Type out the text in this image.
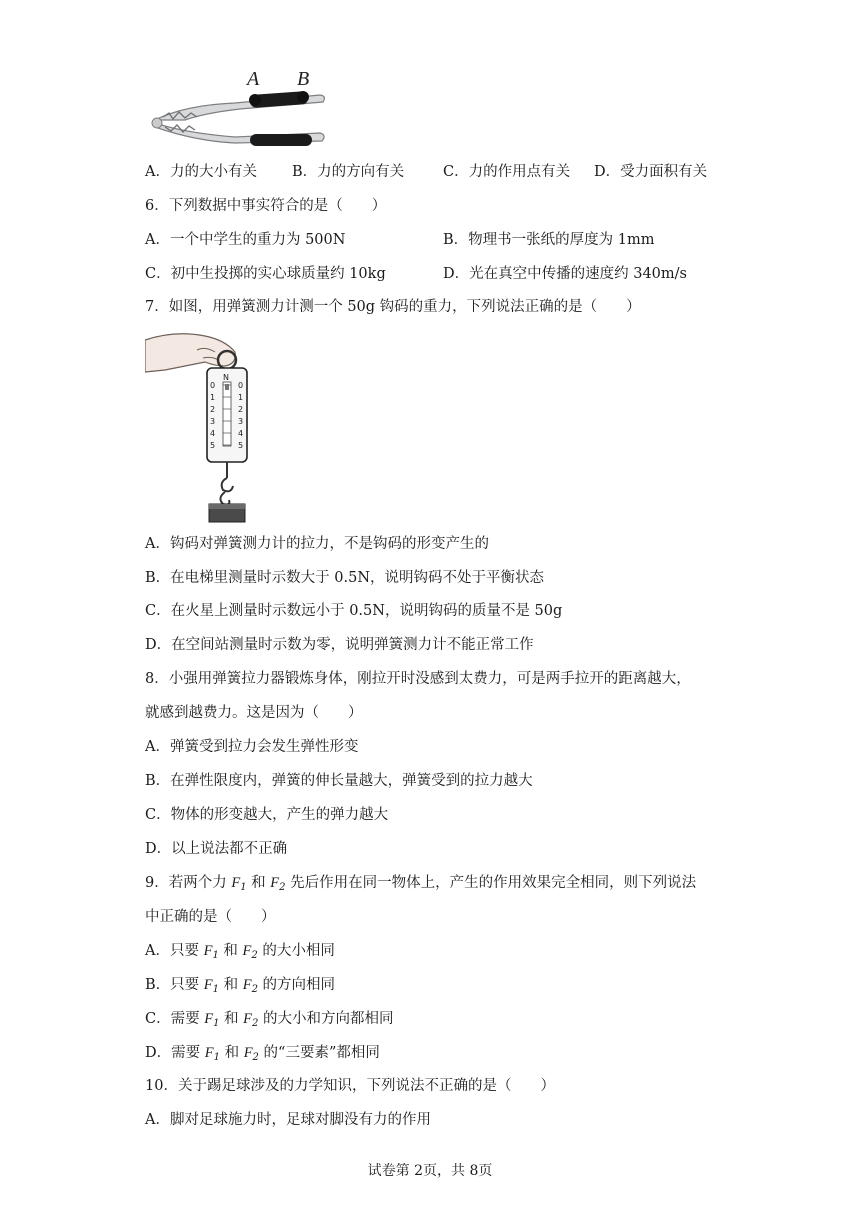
A B
A．力的大小有关 B．力的方向有关	C．力的作用点有关 D．受力面积有关
6．下列数据中事实符合的是（　　）
A．一个中学生的重力为 500N	B．物理书一张纸的厚度为 1mm
C．初中生投掷的实心球质量约 10kg	D．光在真空中传播的速度约 340m/s
7．如图，用弹簧测力计测一个 50g 钩码的重力，下列说法正确的是（　　）
N
0
1
2
3
4
5
0
1
2
3
4
5
A．钩码对弹簧测力计的拉力，不是钩码的形变产生的
B．在电梯里测量时示数大于 0.5N，说明钩码不处于平衡状态
C．在火星上测量时示数远小于 0.5N，说明钩码的质量不是 50g
D．在空间站测量时示数为零，说明弹簧测力计不能正常工作
8．小强用弹簧拉力器锻炼身体，刚拉开时没感到太费力，可是两手拉开的距离越大，
就感到越费力。这是因为（　　）
A．弹簧受到拉力会发生弹性形变
B．在弹性限度内，弹簧的伸长量越大，弹簧受到的拉力越大
C．物体的形变越大，产生的弹力越大
D．以上说法都不正确
9．若两个力 $F_1$ 和 $F_2$ 先后作用在同一物体上，产生的作用效果完全相同，则下列说法
中正确的是（　　）
A．只要 $F_1$ 和 $F_2$ 的大小相同
B．只要 $F_1$ 和 $F_2$ 的方向相同
C．需要 $F_1$ 和 $F_2$ 的大小和方向都相同
D．需要 $F_1$ 和 $F_2$ 的“三要素”都相同
10．关于踢足球涉及的力学知识，下列说法不正确的是（　　）
A．脚对足球施力时，足球对脚没有力的作用
试卷第 2页，共 8页
